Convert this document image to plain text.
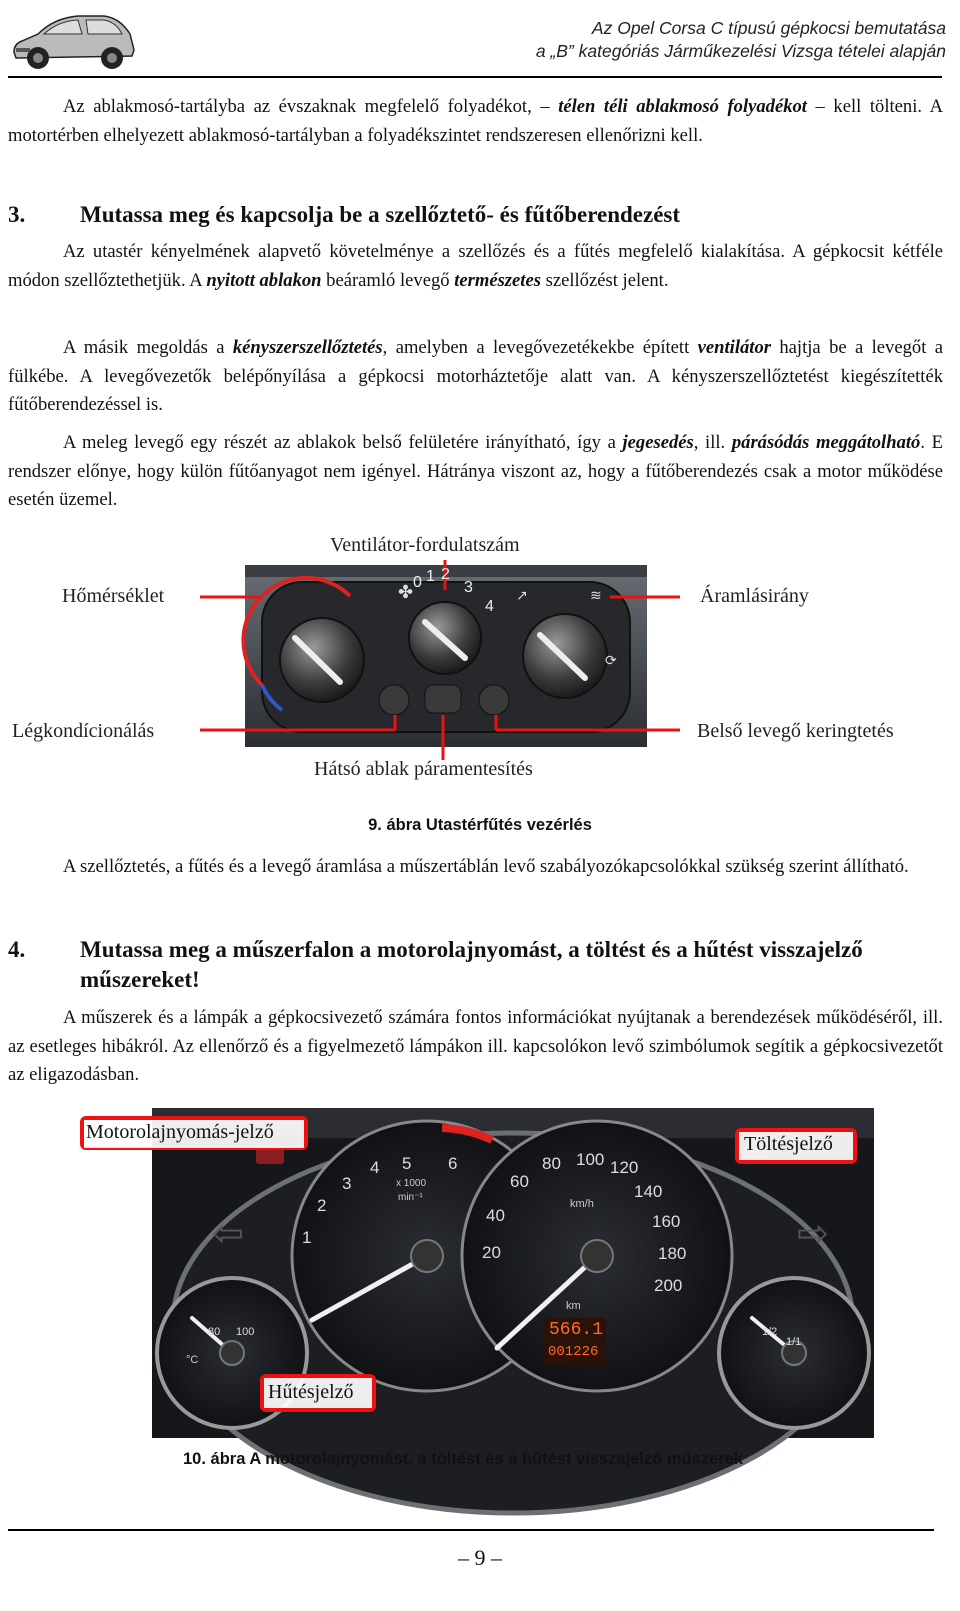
Az Opel Corsa C típusú gépkocsi bemutatása
a „B” kategóriás Járműkezelési Vizsga tételei alapján
Az ablakmosó-tartályba az évszaknak megfelelő folyadékot, – télen téli ablakmosó folyadékot – kell tölteni. A motortérben elhelyezett ablakmosó-tartályban a folyadékszintet rendszeresen ellenőrizni kell.
3. Mutassa meg és kapcsolja be a szellőztető- és fűtőberendezést
Az utastér kényelmének alapvető követelménye a szellőzés és a fűtés megfelelő kialakítása. A gépkocsit kétféle módon szellőztethetjük. A nyitott ablakon beáramló levegő természetes szellőzést jelent.
A másik megoldás a kényszerszellőztetés, amelyben a levegővezetékekbe épített ventilátor hajtja be a levegőt a fülkébe. A levegővezetők belépőnyílása a gépkocsi motorháztetője alatt van. A kényszerszellőztetést kiegészítették fűtőberendezéssel is.
A meleg levegő egy részét az ablakok belső felületére irányítható, így a jegesedés, ill. párásódás meggátolható. E rendszer előnye, hogy külön fűtőanyagot nem igényel. Hátránya viszont az, hogy a fűtőberendezés csak a motor működése esetén üzemel.
✤	↗	≋
⟳
0 1 2
3
4
Ventilátor-fordulatszám
Hőmérséklet	Áramlásirány
Légkondícionálás	Belső levegő keringtetés
Hátsó ablak páramentesítés
9. ábra Utastérfűtés vezérlés
A szellőztetés, a fűtés és a levegő áramlása a műszertáblán levő szabályozókapcsolókkal szükség szerint állítható.
4. Mutassa meg a műszerfalon a motorolajnyomást, a töltést és a hűtést visszajelző műszereket!
A műszerek és a lámpák a gépkocsivezető számára fontos információkat nyújtanak a berendezések működéséről, ill. az esetleges hibákról. Az ellenőrző és a figyelmezető lámpákon ill. kapcsolókon levő szimbólumok segítik a gépkocsivezetőt az eligazodásban.
⇦	⇨
1
2
3
4 5 6
x 1000
min⁻¹
20
40
60
80 100 120
140
160
180
200
km/h
km
566.1
001226
80 100
°C
1/2
1/1
Motorolajnyomás-jelző
Töltésjelző
Hűtésjelző
10. ábra A motorolajnyomást, a töltést és a hűtést visszajelző műszerek
– 9 –
